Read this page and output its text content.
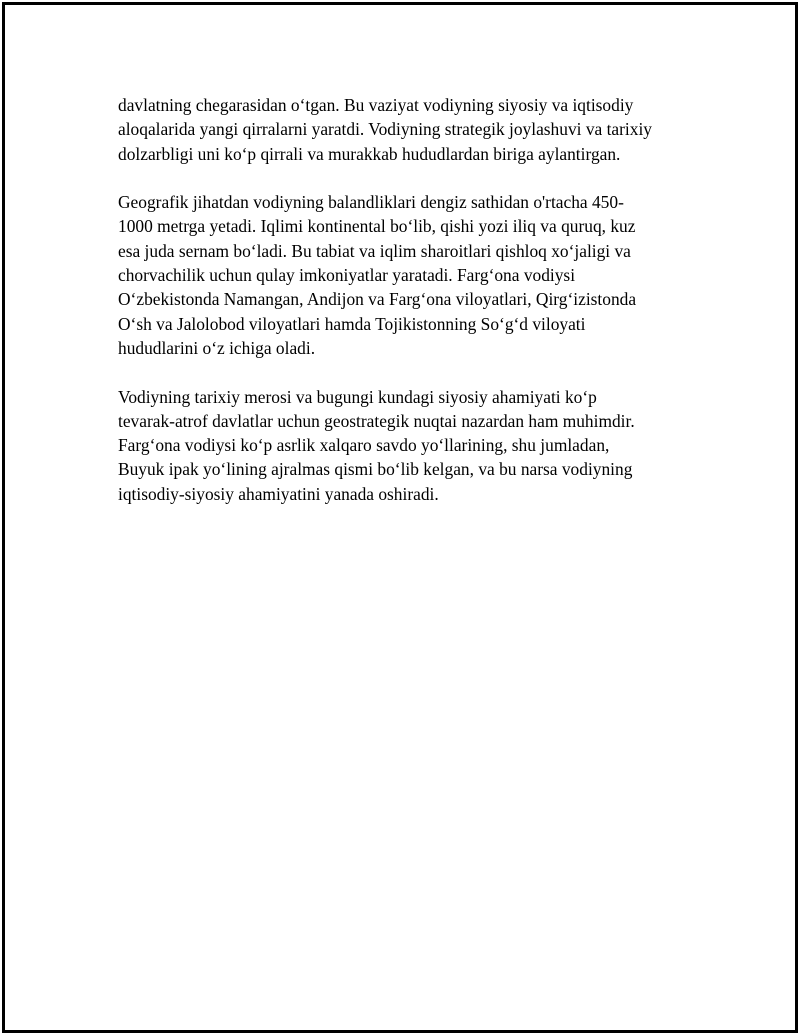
davlatning chegarasidan o‘tgan. Bu vaziyat vodiyning siyosiy va iqtisodiy
aloqalarida yangi qirralarni yaratdi. Vodiyning strategik joylashuvi va tarixiy
dolzarbligi uni ko‘p qirrali va murakkab hududlardan biriga aylantirgan.

Geografik jihatdan vodiyning balandliklari dengiz sathidan o'rtacha 450-
1000 metrga yetadi. Iqlimi kontinental bo‘lib, qishi yozi iliq va quruq, kuz
esa juda sernam bo‘ladi. Bu tabiat va iqlim sharoitlari qishloq xo‘jaligi va
chorvachilik uchun qulay imkoniyatlar yaratadi. Farg‘ona vodiysi
O‘zbekistonda Namangan, Andijon va Farg‘ona viloyatlari, Qirg‘izistonda
O‘sh va Jalolobod viloyatlari hamda Tojikistonning So‘g‘d viloyati
hududlarini o‘z ichiga oladi.

Vodiyning tarixiy merosi va bugungi kundagi siyosiy ahamiyati ko‘p
tevarak-atrof davlatlar uchun geostrategik nuqtai nazardan ham muhimdir.
Farg‘ona vodiysi ko‘p asrlik xalqaro savdo yo‘llarining, shu jumladan,
Buyuk ipak yo‘lining ajralmas qismi bo‘lib kelgan, va bu narsa vodiyning
iqtisodiy-siyosiy ahamiyatini yanada oshiradi.
